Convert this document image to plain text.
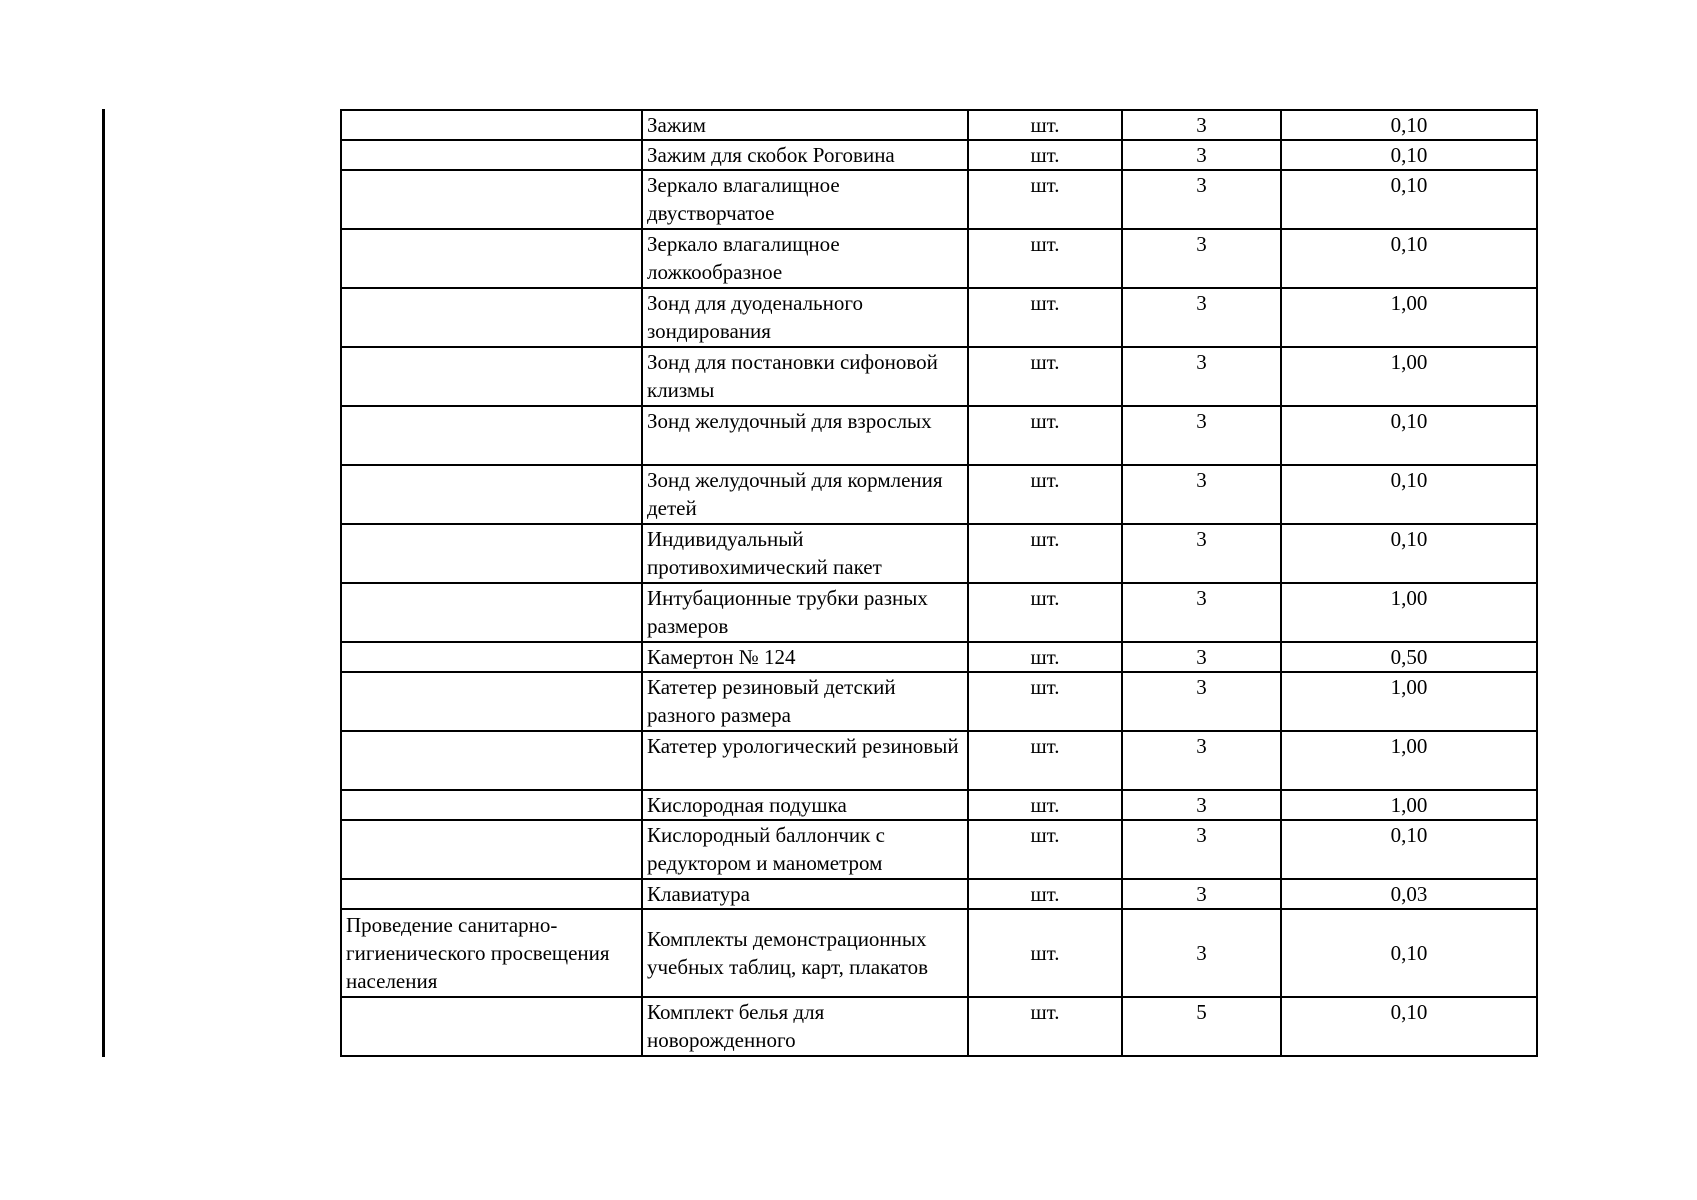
	Зажим	шт.	3	0,10
	Зажим для скобок Роговина	шт.	3	0,10
	Зеркало влагалищное двустворчатое	шт.	3	0,10
	Зеркало влагалищное ложкообразное	шт.	3	0,10
	Зонд для дуоденального зондирования	шт.	3	1,00
	Зонд для постановки сифоновой клизмы	шт.	3	1,00
	Зонд желудочный для взрослых	шт.	3	0,10
	Зонд желудочный для кормления детей	шт.	3	0,10
	Индивидуальный противохимический пакет	шт.	3	0,10
	Интубационные трубки разных размеров	шт.	3	1,00
	Камертон № 124	шт.	3	0,50
	Катетер резиновый детский разного размера	шт.	3	1,00
	Катетер урологический резиновый	шт.	3	1,00
	Кислородная подушка	шт.	3	1,00
	Кислородный баллончик с редуктором и манометром	шт.	3	0,10
	Клавиатура	шт.	3	0,03
Проведение санитарно-гигиенического просвещения населения	Комплекты демонстрационных учебных таблиц, карт, плакатов	шт.	3	0,10
	Комплект белья для новорожденного	шт.	5	0,10
